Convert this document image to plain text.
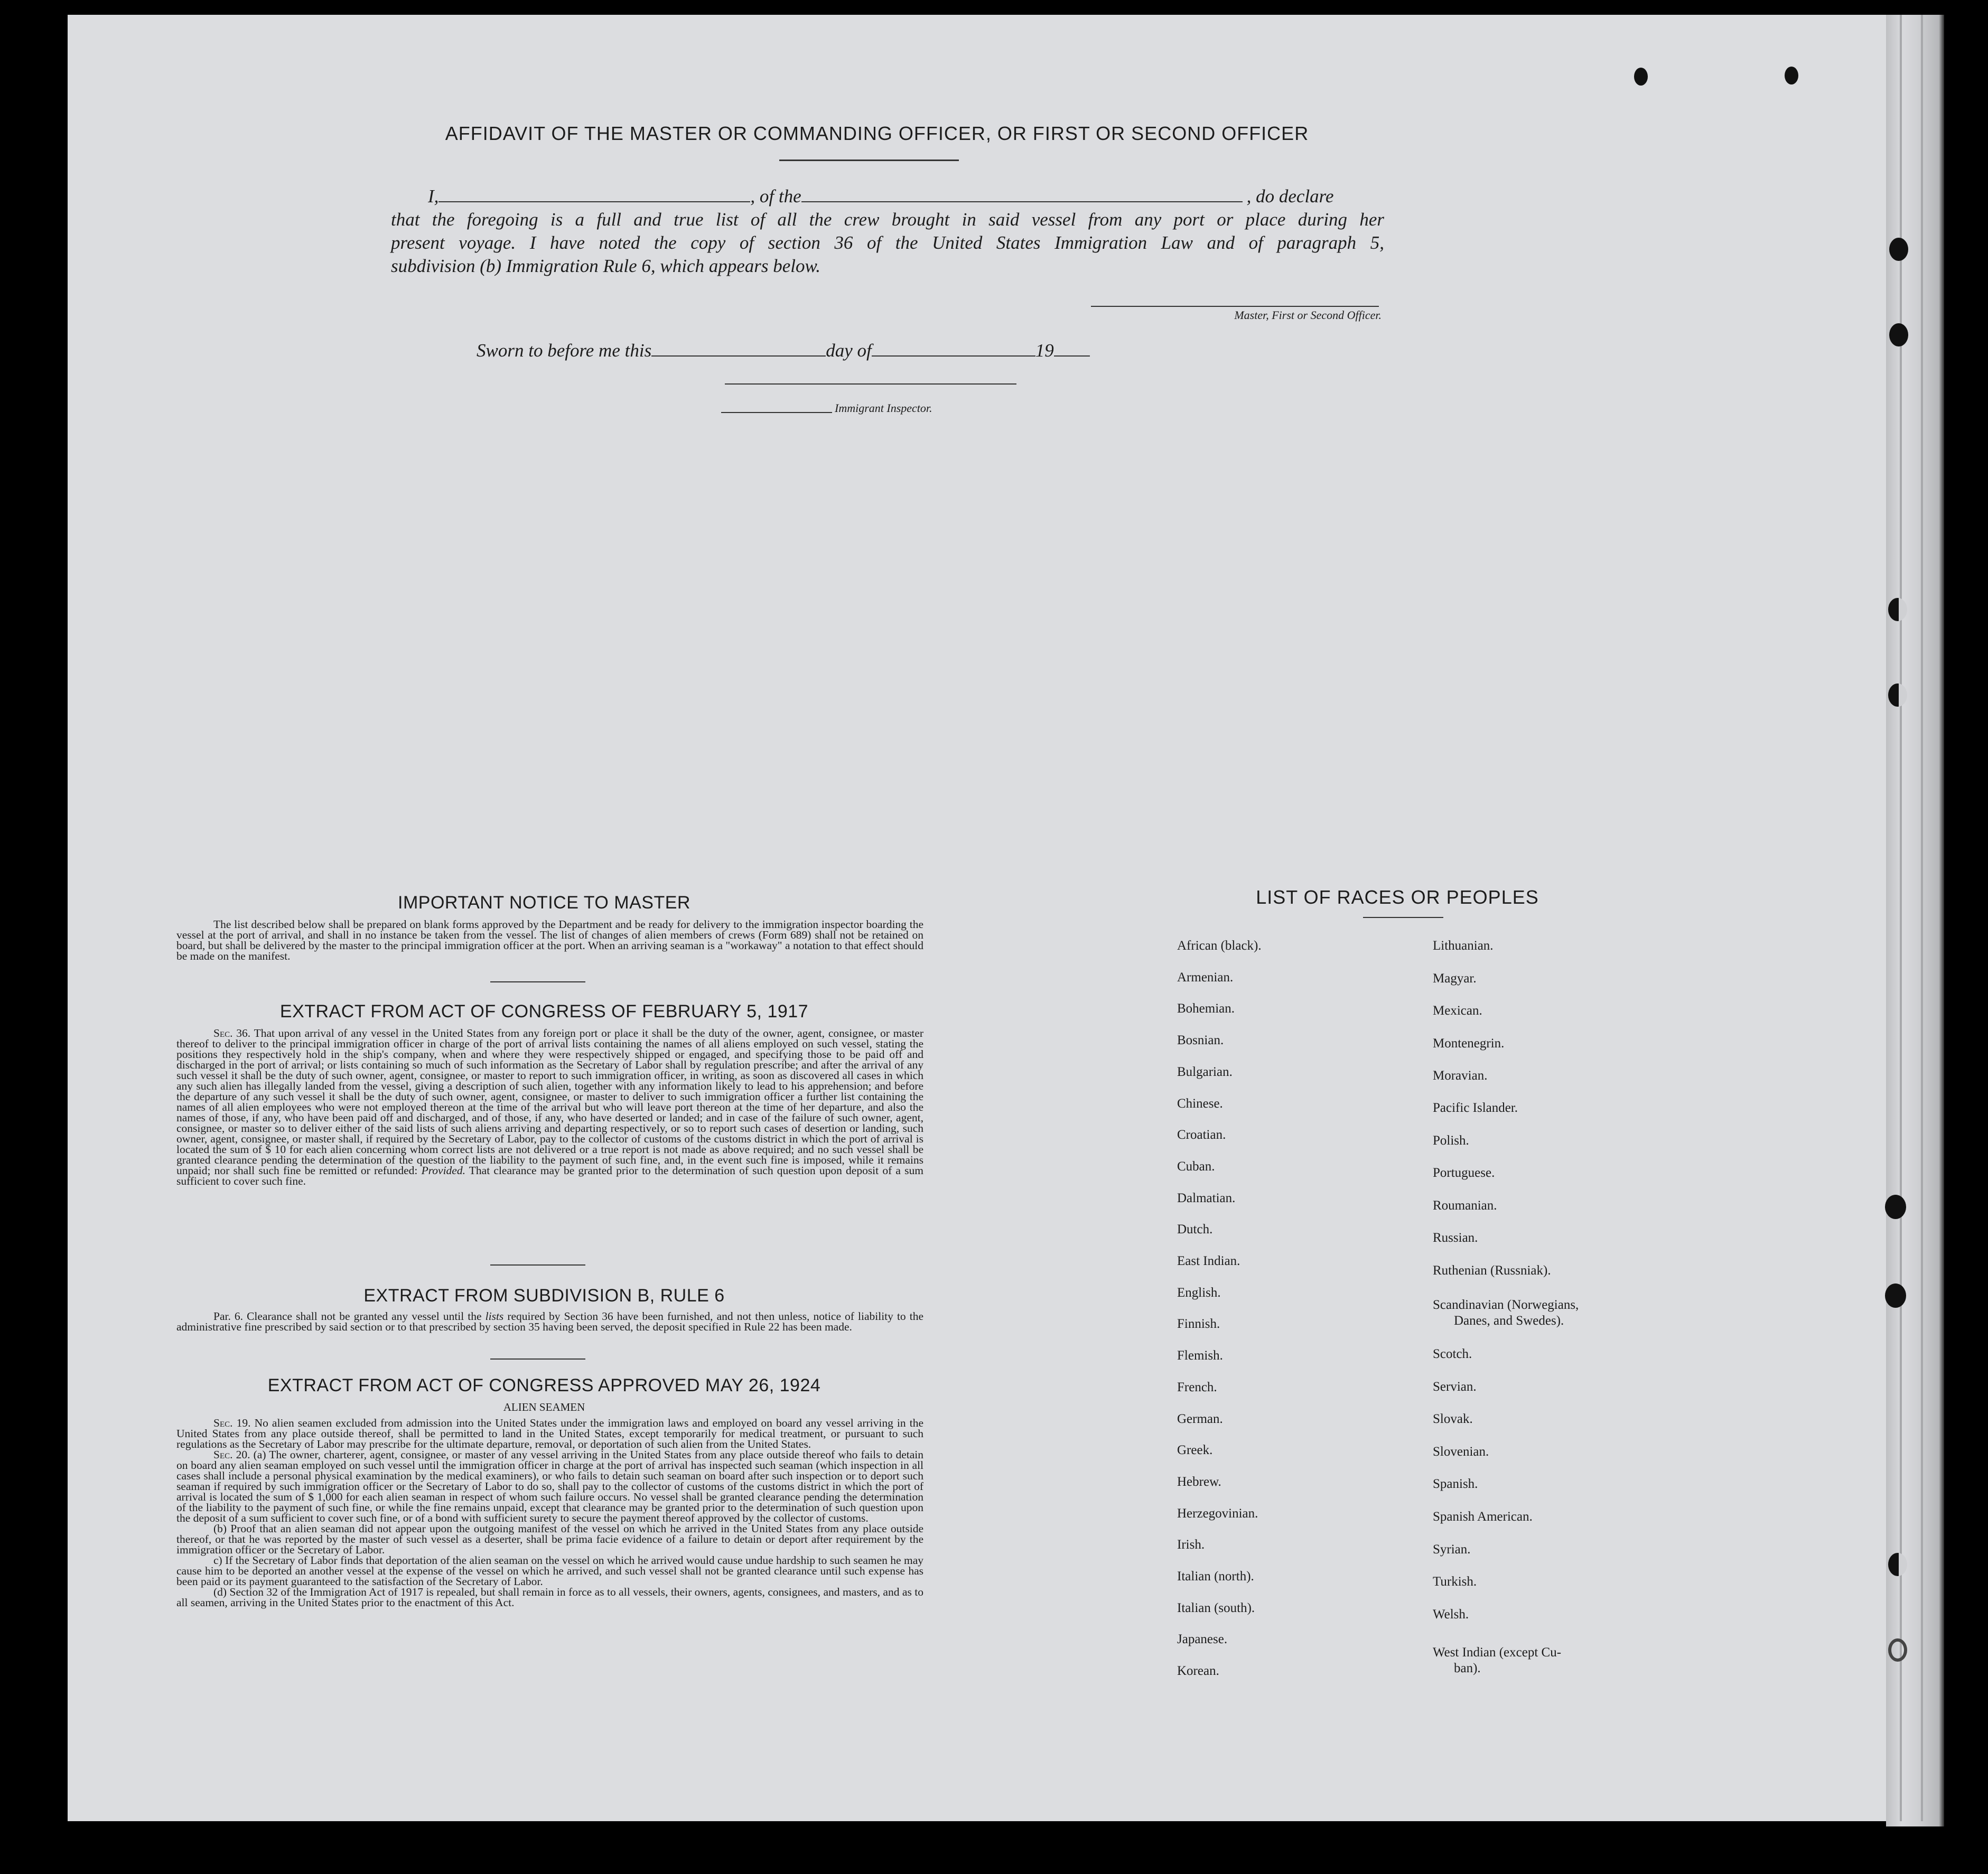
AFFIDAVIT OF THE MASTER OR COMMANDING OFFICER, OR FIRST OR SECOND OFFICER
I,	, of the	, do declare
that the foregoing is a full and true list of all the crew brought in said vessel from any port or place during her
present voyage. I have noted the copy of section 36 of the United States Immigration Law and of paragraph 5,
subdivision (b) Immigration Rule 6, which appears below.
Master, First or Second Officer.
Sworn to before me this	day of	19
Immigrant Inspector.
IMPORTANT NOTICE TO MASTER

The list described below shall be prepared on blank forms approved by the Department and be ready for delivery to the immigration inspector boarding the vessel at the port of arrival, and shall in no instance be taken from the vessel. The list of changes of alien members of crews (Form 689) shall not be retained on board, but shall be delivered by the master to the principal immigration officer at the port. When an arriving seaman is a "workaway" a notation to that effect should be made on the manifest.

EXTRACT FROM ACT OF CONGRESS OF FEBRUARY 5, 1917

Sec. 36. That upon arrival of any vessel in the United States from any foreign port or place it shall be the duty of the owner, agent, consignee, or master thereof to deliver to the principal immigration officer in charge of the port of arrival lists containing the names of all aliens employed on such vessel, stating the positions they respectively hold in the ship's company, when and where they were respectively shipped or engaged, and specifying those to be paid off and discharged in the port of arrival; or lists containing so much of such information as the Secretary of Labor shall by regulation prescribe; and after the arrival of any such vessel it shall be the duty of such owner, agent, consignee, or master to report to such immigration officer, in writing, as soon as discovered all cases in which any such alien has illegally landed from the vessel, giving a description of such alien, together with any information likely to lead to his apprehension; and before the departure of any such vessel it shall be the duty of such owner, agent, consignee, or master to deliver to such immigration officer a further list containing the names of all alien employees who were not employed thereon at the time of the arrival but who will leave port thereon at the time of her departure, and also the names of those, if any, who have been paid off and discharged, and of those, if any, who have deserted or landed; and in case of the failure of such owner, agent, consignee, or master so to deliver either of the said lists of such aliens arriving and departing respectively, or so to report such cases of desertion or landing, such owner, agent, consignee, or master shall, if required by the Secretary of Labor, pay to the collector of customs of the customs district in which the port of arrival is located the sum of $ 10 for each alien concerning whom correct lists are not delivered or a true report is not made as above required; and no such vessel shall be granted clearance pending the determination of the question of the liability to the payment of such fine, and, in the event such fine is imposed, while it remains unpaid; nor shall such fine be remitted or refunded: Provided. That clearance may be granted prior to the determination of such question upon deposit of a sum sufficient to cover such fine.

EXTRACT FROM SUBDIVISION B, RULE 6

Par. 6. Clearance shall not be granted any vessel until the lists required by Section 36 have been furnished, and not then unless, notice of liability to the administrative fine prescribed by said section or to that prescribed by section 35 having been served, the deposit specified in Rule 22 has been made.

EXTRACT FROM ACT OF CONGRESS APPROVED MAY 26, 1924
ALIEN SEAMEN

Sec. 19. No alien seamen excluded from admission into the United States under the immigration laws and employed on board any vessel arriving in the United States from any place outside thereof, shall be permitted to land in the United States, except temporarily for medical treatment, or pursuant to such regulations as the Secretary of Labor may prescribe for the ultimate departure, removal, or deportation of such alien from the United States.

Sec. 20. (a) The owner, charterer, agent, consignee, or master of any vessel arriving in the United States from any place outside thereof who fails to detain on board any alien seaman employed on such vessel until the immigration officer in charge at the port of arrival has inspected such seaman (which inspection in all cases shall include a personal physical examination by the medical examiners), or who fails to detain such seaman on board after such inspection or to deport such seaman if required by such immigration officer or the Secretary of Labor to do so, shall pay to the collector of customs of the customs district in which the port of arrival is located the sum of $ 1,000 for each alien seaman in respect of whom such failure occurs. No vessel shall be granted clearance pending the determination of the liability to the payment of such fine, or while the fine remains unpaid, except that clearance may be granted prior to the determination of such question upon the deposit of a sum sufficient to cover such fine, or of a bond with sufficient surety to secure the payment thereof approved by the collector of customs.

(b) Proof that an alien seaman did not appear upon the outgoing manifest of the vessel on which he arrived in the United States from any place outside thereof, or that he was reported by the master of such vessel as a deserter, shall be prima facie evidence of a failure to detain or deport after requirement by the immigration officer or the Secretary of Labor.

c) If the Secretary of Labor finds that deportation of the alien seaman on the vessel on which he arrived would cause undue hardship to such seamen he may cause him to be deported an another vessel at the expense of the vessel on which he arrived, and such vessel shall not be granted clearance until such expense has been paid or its payment guaranteed to the satisfaction of the Secretary of Labor.

(d) Section 32 of the Immigration Act of 1917 is repealed, but shall remain in force as to all vessels, their owners, agents, consignees, and masters, and as to all seamen, arriving in the United States prior to the enactment of this Act.

LIST OF RACES OR PEOPLES
African (black).
Armenian.
Bohemian.
Bosnian.
Bulgarian.
Chinese.
Croatian.
Cuban.
Dalmatian.
Dutch.
East Indian.
English.
Finnish.
Flemish.
French.
German.
Greek.
Hebrew.
Herzegovinian.
Irish.
Italian (north).
Italian (south).
Japanese.
Korean.
Lithuanian.
Magyar.
Mexican.
Montenegrin.
Moravian.
Pacific Islander.
Polish.
Portuguese.
Roumanian.
Russian.
Ruthenian (Russniak).
Scandinavian (Norwegians,
Danes, and Swedes).
Scotch.
Servian.
Slovak.
Slovenian.
Spanish.
Spanish American.
Syrian.
Turkish.
Welsh.
West Indian (except Cu-
ban).
